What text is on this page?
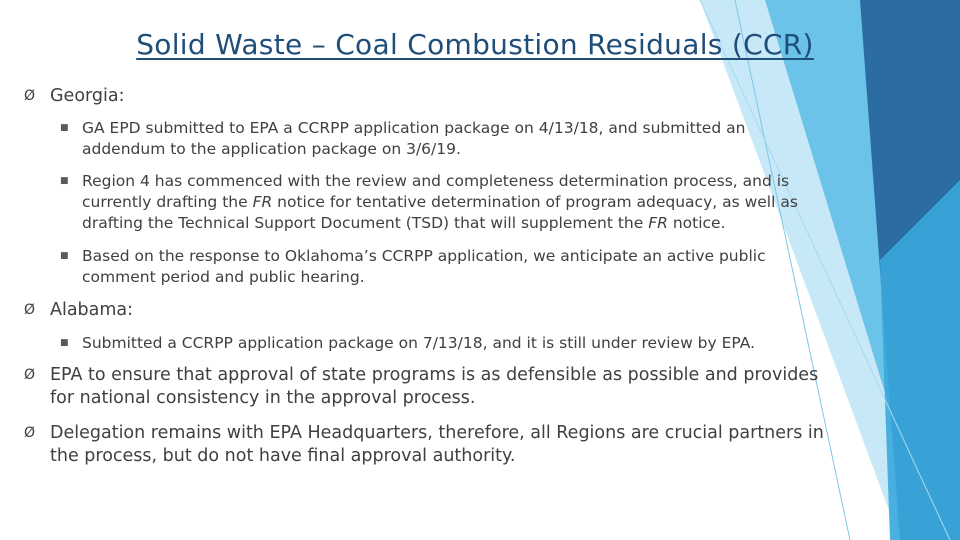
Solid Waste – Coal Combustion Residuals (CCR)
Ø Georgia:
■ GA EPD submitted to EPA a CCRPP application package on 4/13/18, and submitted an addendum to the application package on 3/6/19.
■ Region 4 has commenced with the review and completeness determination process, and is currently drafting the FR notice for tentative determination of program adequacy, as well as drafting the Technical Support Document (TSD) that will supplement the FR notice.
■ Based on the response to Oklahoma’s CCRPP application, we anticipate an active public comment period and public hearing.
Ø Alabama:
■ Submitted a CCRPP application package on 7/13/18, and it is still under review by EPA.
Ø EPA to ensure that approval of state programs is as defensible as possible and provides for national consistency in the approval process.
Ø Delegation remains with EPA Headquarters, therefore, all Regions are crucial partners in the process, but do not have final approval authority.
